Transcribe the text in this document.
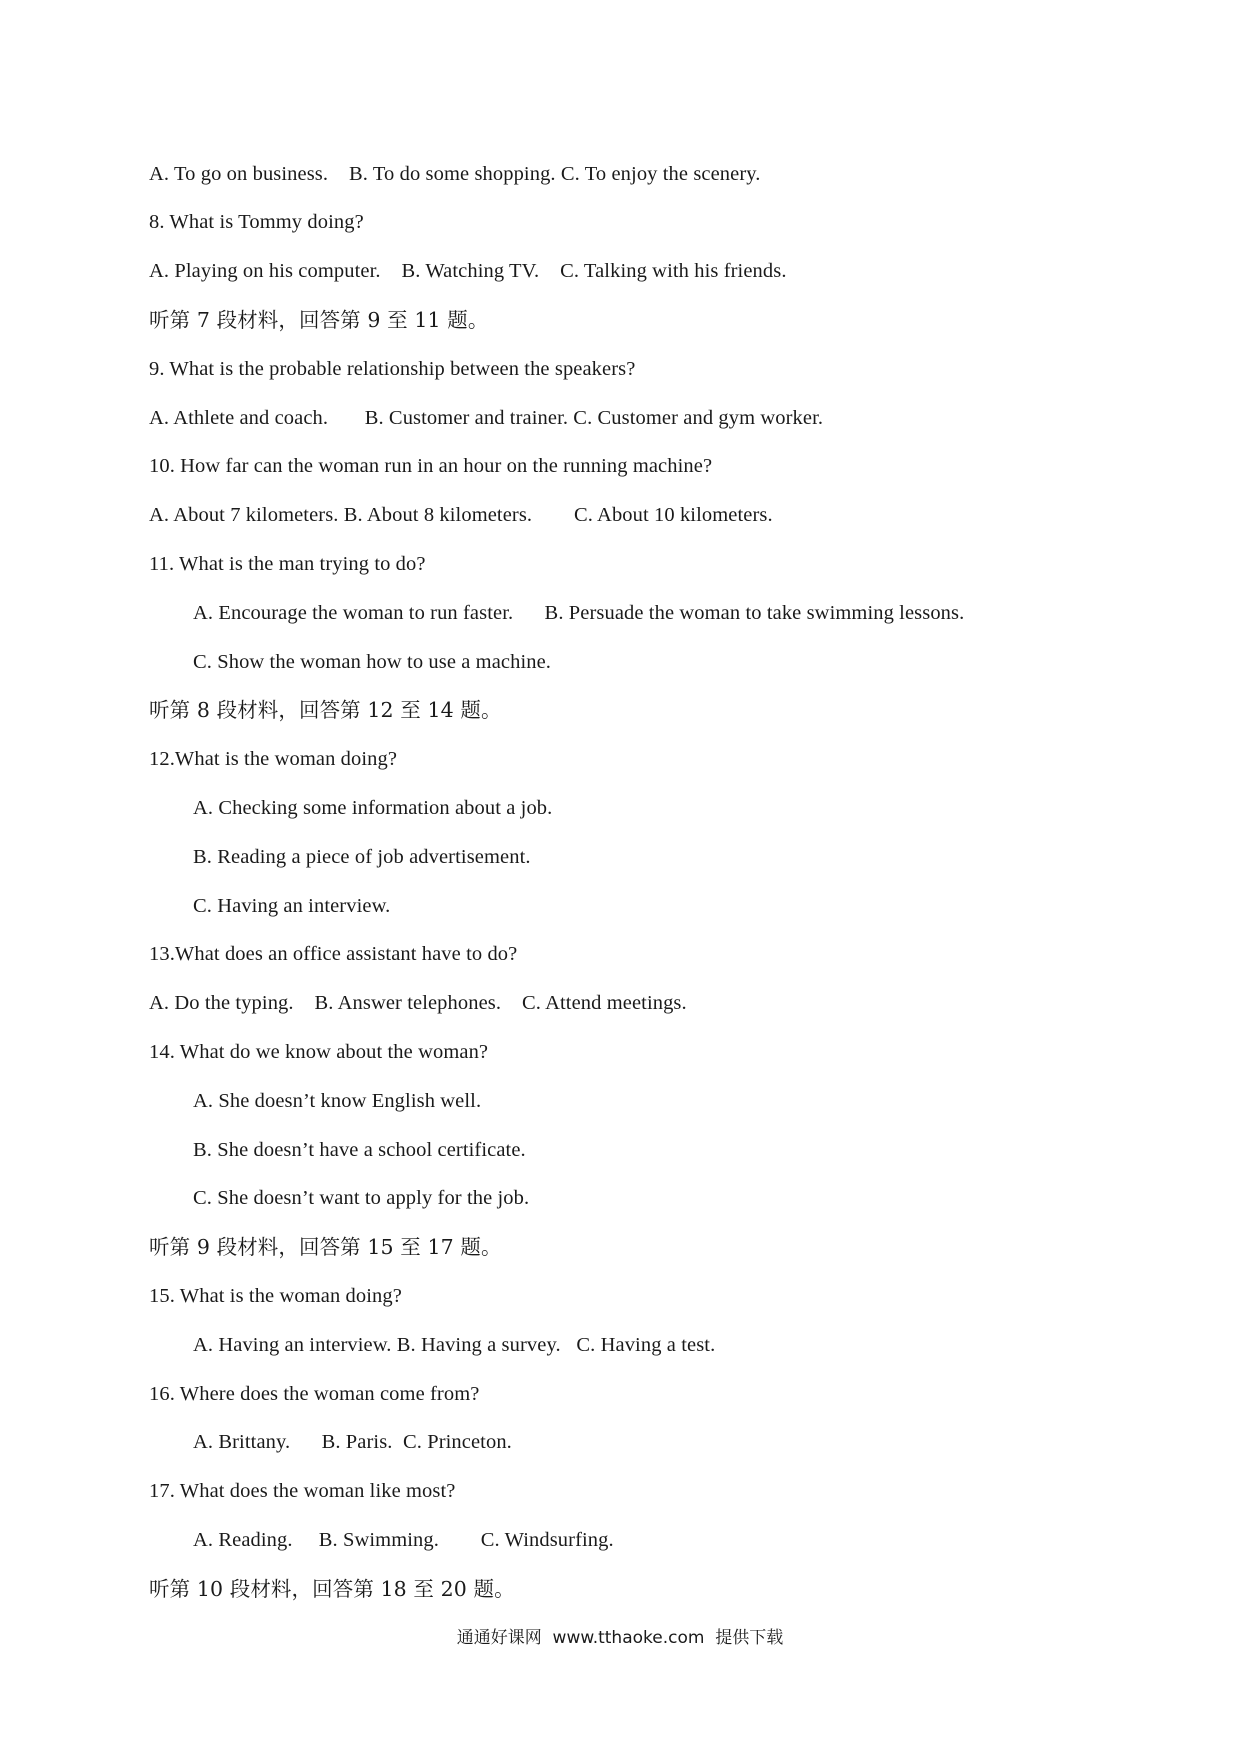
A. To go on business.    B. To do some shopping. C. To enjoy the scenery.
8. What is Tommy doing?
A. Playing on his computer.    B. Watching TV.    C. Talking with his friends.
听第 7 段材料，回答第 9 至 11 题。
9. What is the probable relationship between the speakers?
A. Athlete and coach.       B. Customer and trainer. C. Customer and gym worker.
10. How far can the woman run in an hour on the running machine?
A. About 7 kilometers. B. About 8 kilometers.        C. About 10 kilometers.
11. What is the man trying to do?
A. Encourage the woman to run faster.      B. Persuade the woman to take swimming lessons.
C. Show the woman how to use a machine.
听第 8 段材料，回答第 12 至 14 题。
12.What is the woman doing?
A. Checking some information about a job.
B. Reading a piece of job advertisement.
C. Having an interview.
13.What does an office assistant have to do?
A. Do the typing.    B. Answer telephones.    C. Attend meetings.
14. What do we know about the woman?
A. She doesn’t know English well.
B. She doesn’t have a school certificate.
C. She doesn’t want to apply for the job.
听第 9 段材料，回答第 15 至 17 题。
15. What is the woman doing?
A. Having an interview. B. Having a survey.   C. Having a test.
16. Where does the woman come from?
A. Brittany.      B. Paris.  C. Princeton.
17. What does the woman like most?
A. Reading.     B. Swimming.        C. Windsurfing.
听第 10 段材料，回答第 18 至 20 题。
通通好课网  www.tthaoke.com  提供下载
